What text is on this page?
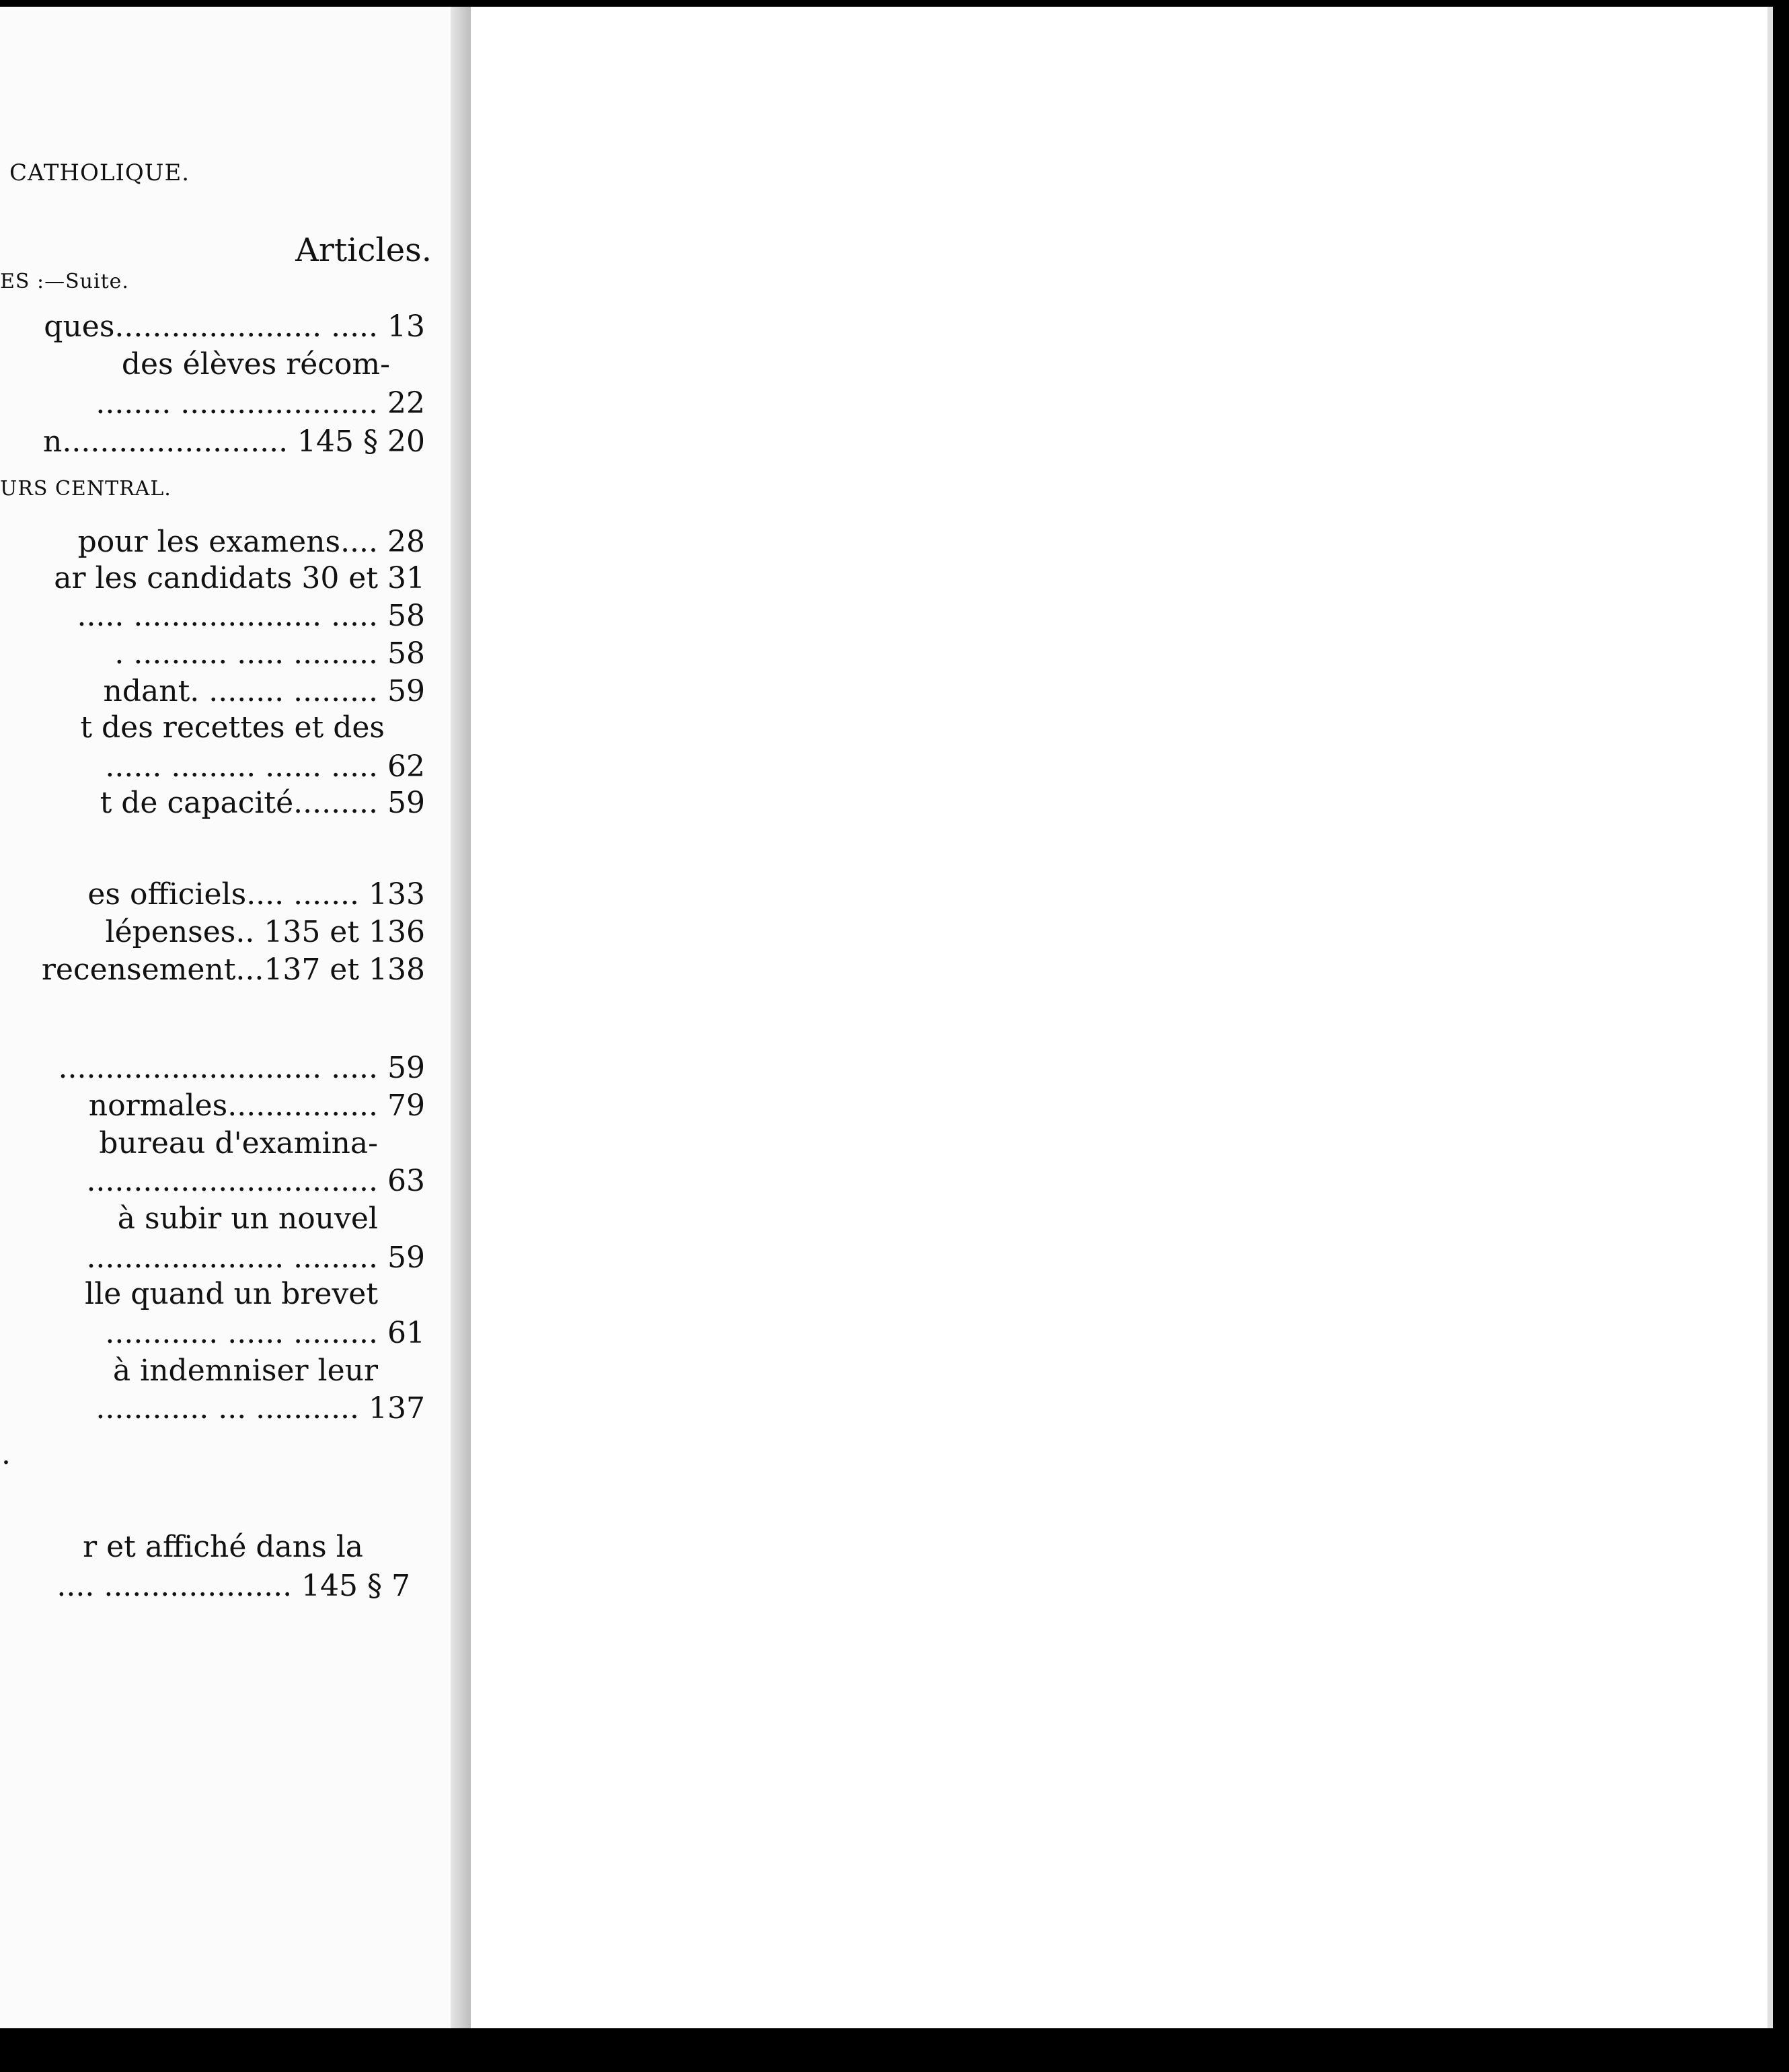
CATHOLIQUE.
Articles.
ES :—Suite.
ques...................... ..... 13
des élèves récom-
........ ..................... 22
n........................ 145 § 20
URS CENTRAL.
pour les examens.... 28
ar les candidats 30 et 31
..... .................... ..... 58
. .......... ..... ......... 58
ndant. ........ ......... 59
t des recettes et des
...... ......... ...... ..... 62
t de capacité......... 59
es officiels.... ....... 133
lépenses.. 135 et 136
recensement...137 et 138
............................ ..... 59
normales................ 79
bureau d'examina-
............................... 63
à subir un nouvel
..................... ......... 59
lle quand un brevet
............ ...... ......... 61
à indemniser leur
............ ... ........... 137
.
r et affiché dans la
.... .................... 145 § 7
